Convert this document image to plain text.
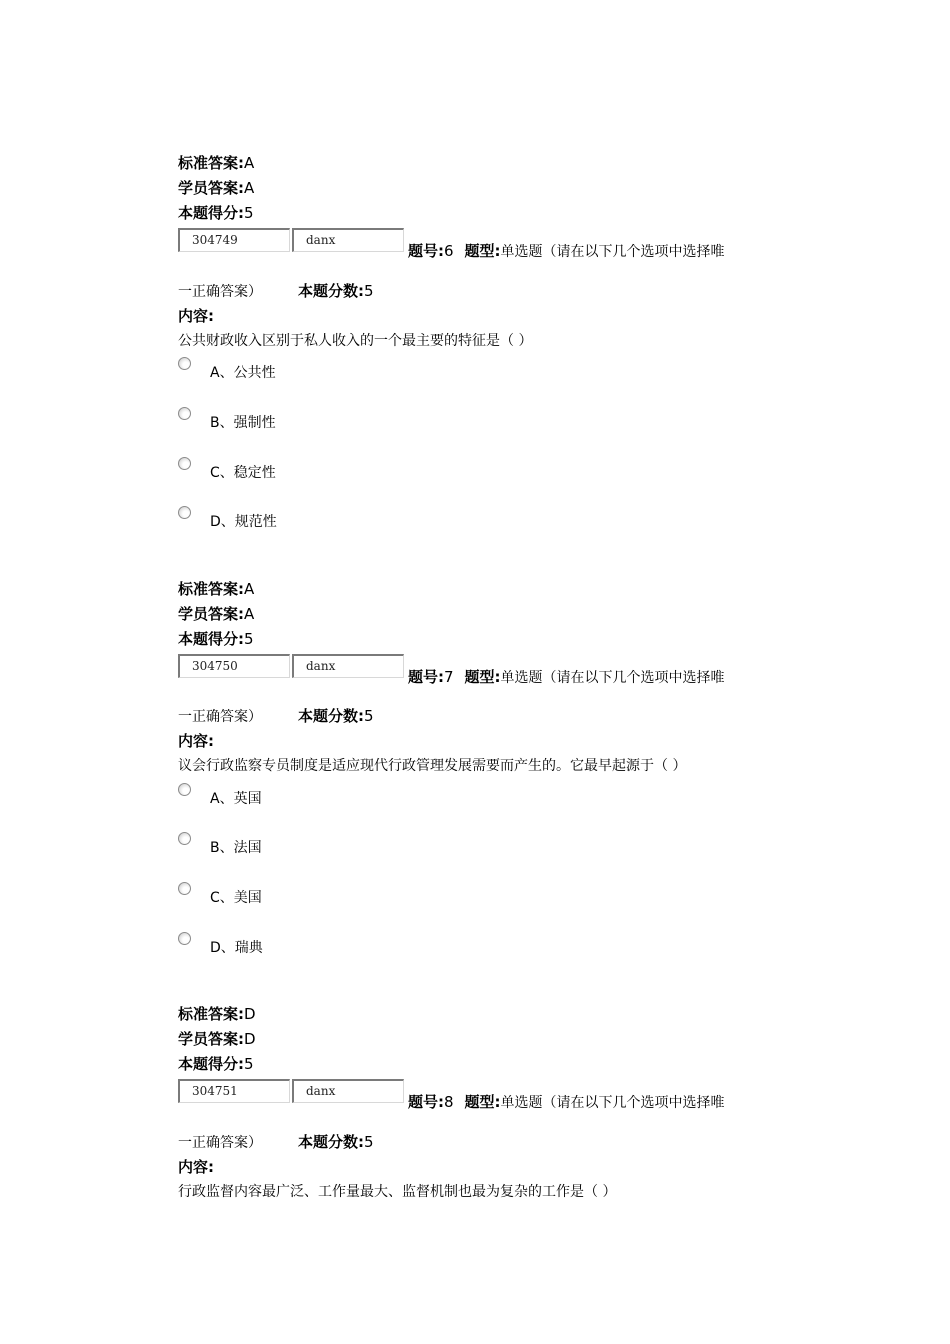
标准答案:A
学员答案:A
本题得分:5
304749	danx
题号:6 题型:单选题（请在以下几个选项中选择唯
一正确答案） 本题分数:5
内容:
公共财政收入区别于私人收入的一个最主要的特征是（ ）
A、公共性
B、强制性
C、稳定性
D、规范性
标准答案:A
学员答案:A
本题得分:5
304750	danx
题号:7 题型:单选题（请在以下几个选项中选择唯
一正确答案） 本题分数:5
内容:
议会行政监察专员制度是适应现代行政管理发展需要而产生的。它最早起源于（ ）
A、英国
B、法国
C、美国
D、瑞典
标准答案:D
学员答案:D
本题得分:5
304751	danx
题号:8 题型:单选题（请在以下几个选项中选择唯
一正确答案） 本题分数:5
内容:
行政监督内容最广泛、工作量最大、监督机制也最为复杂的工作是（ ）
